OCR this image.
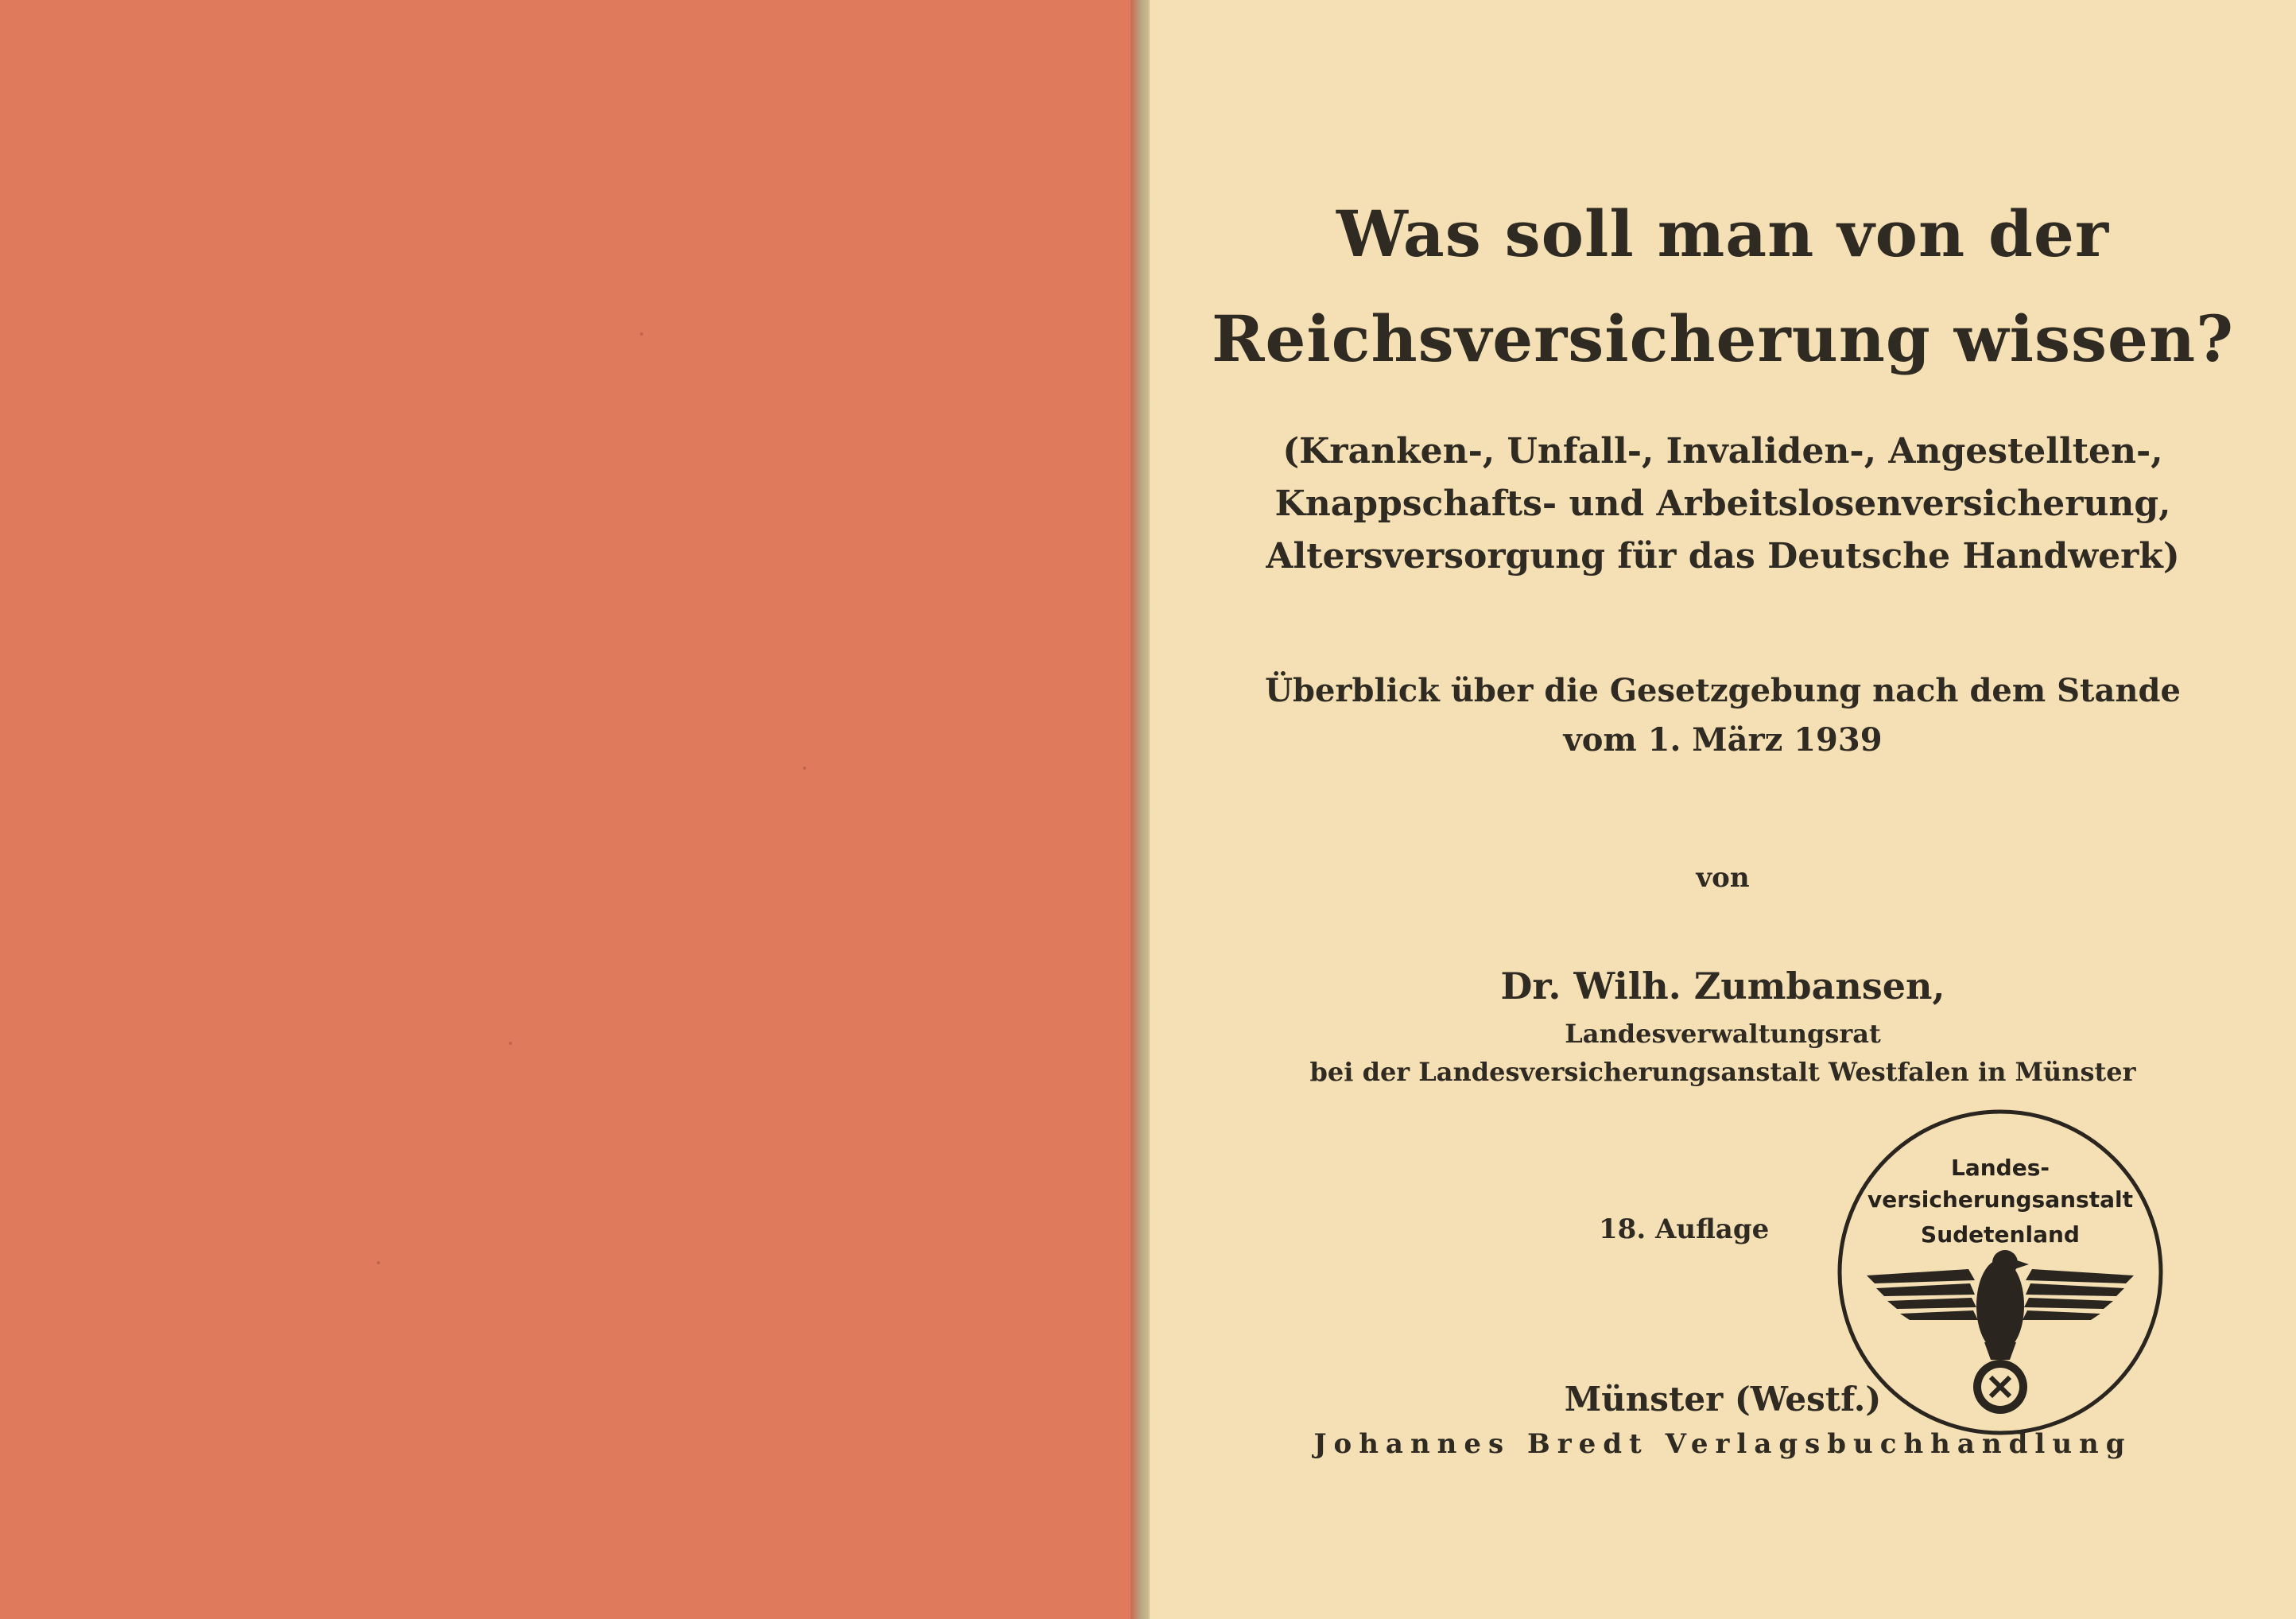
Was soll man von der
Reichsversicherung wissen?
(Kranken-, Unfall-, Invaliden-, Angestellten-,
Knappschafts- und Arbeitslosenversicherung,
Altersversorgung für das Deutsche Handwerk)
Überblick über die Gesetzgebung nach dem Stande
vom 1. März 1939
von
Dr. Wilh. Zumbansen,
Landesverwaltungsrat
bei der Landesversicherungsanstalt Westfalen in Münster
18. Auflage
Landes-
versicherungsanstalt
Sudetenland
Münster (Westf.)
Johannes Bredt Verlagsbuchhandlung
